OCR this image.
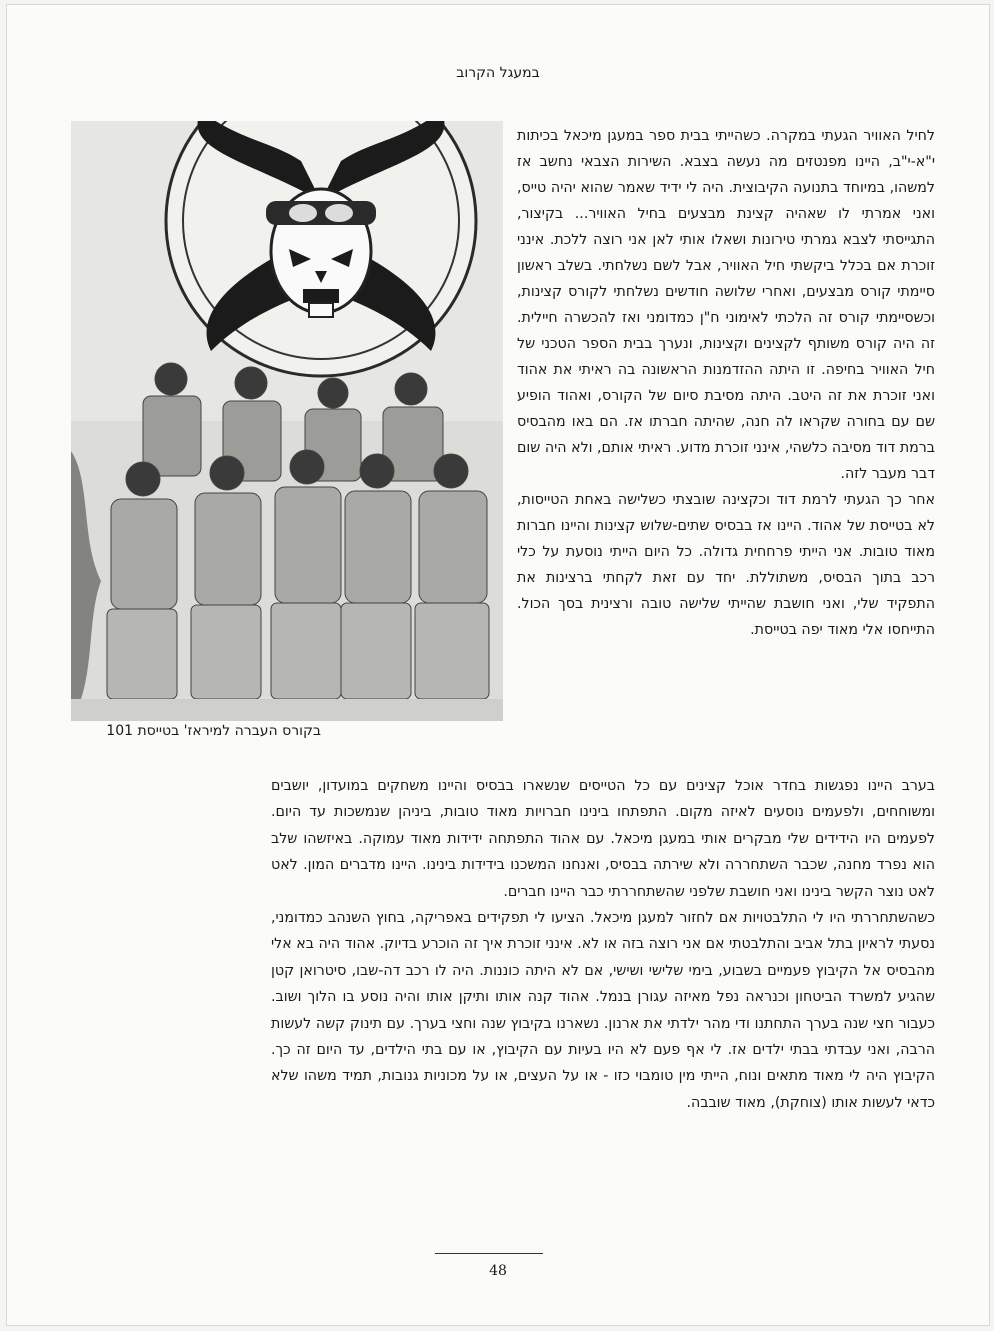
במעגל הקרוב
בקורס העברה למיראז' בטייסת 101

לחיל האוויר הגעתי במקרה. כשהייתי בבית ספר במעגן מיכאל בכיתות י"א-י"ב, היינו מפנטזים מה נעשה בצבא. השירות הצבאי נחשב אז למשהו, במיוחד בתנועה הקיבוצית. היה לי ידיד שאמר שהוא יהיה טייס, ואני אמרתי לו שאהיה קצינת מבצעים בחיל האוויר... בקיצור, התגייסתי לצבא גמרתי טירונות ושאלו אותי לאן אני רוצה ללכת. אינני זוכרת אם בכלל ביקשתי חיל האוויר, אבל לשם נשלחתי. בשלב ראשון סיימתי קורס מבצעים, ואחרי שלושה חודשים נשלחתי לקורס קצינות, וכשסיימתי קורס זה הלכתי לאימוני ח"ן כמדומני ואז להכשרה חיילית. זה היה קורס משותף לקצינים וקצינות, ונערך בבית הספר הטכני של חיל האוויר בחיפה. זו היתה ההזדמנות הראשונה בה ראיתי את אהוד ואני זוכרת את זה היטב. היתה מסיבת סיום של הקורס, ואהוד הופיע שם עם בחורה שקראו לה חנה, שהיתה חברתו אז. הם באו מהבסיס ברמת דוד מסיבה כלשהי, אינני זוכרת מדוע. ראיתי אותם, ולא היה שום דבר מעבר לזה.

אחר כך הגעתי לרמת דוד וכקצינה שובצתי כשלישה באחת הטייסות, לא בטייסת של אהוד. היינו אז בבסיס שתים-שלוש קצינות והיינו חברות מאוד טובות. אני הייתי פרחחית גדולה. כל היום הייתי נוסעת על כלי רכב בתוך הבסיס, משתוללת. יחד עם זאת לקחתי ברצינות את התפקיד שלי, ואני חושבת שהייתי שלישה טובה ורצינית בסך הכול. התייחסו אלי מאוד יפה בטייסת.

בערב היינו נפגשות בחדר אוכל קצינים עם כל הטייסים שנשארו בבסיס והיינו משחקים במועדון, יושבים ומשוחחים, ולפעמים נוסעים לאיזה מקום. התפתחו בינינו חברויות מאוד טובות, ביניהן שנמשכות עד היום. לפעמים היו הידידים שלי מבקרים אותי במעגן מיכאל. עם אהוד התפתחה ידידות מאוד עמוקה. באיזשהו שלב הוא נפרד מחנה, שכבר השתחררה ולא שירתה בבסיס, ואנחנו המשכנו בידידות בינינו. היינו מדברים המון. לאט לאט נוצר הקשר בינינו ואני חושבת שלפני שהשתחררתי כבר היינו חברים.

כשהשתחררתי היו לי התלבטויות אם לחזור למעגן מיכאל. הציעו לי תפקידים באפריקה, בחוץ השנהב כמדומני, נסעתי לראיון בתל אביב והתלבטתי אם אני רוצה בזה או לא. אינני זוכרת איך זה הוכרע בדיוק. אהוד היה בא אלי מהבסיס אל הקיבוץ פעמיים בשבוע, בימי שלישי ושישי, אם לא היתה כוננות. היה לו רכב דה-שבו, סיטרואן קטן שהגיע למשרד הביטחון וכנראה נפל מאיזה עגורן בנמל. אהוד קנה אותו ותיקן אותו והיה נוסע בו הלוך ושוב. כעבור חצי שנה בערך התחתנו ודי מהר ילדתי את ארנון. נשארנו בקיבוץ שנה וחצי בערך. עם תינוק קשה לעשות הרבה, ואני עבדתי בבתי ילדים אז. לי אף פעם לא היו בעיות עם הקיבוץ, או עם בתי הילדים, עד היום זה כך. הקיבוץ היה לי מאוד מתאים ונוח, הייתי מין טומבוי כזו - או על העצים, או על מכוניות גנובות, תמיד משהו שלא כדאי לעשות אותו (צוחקת), מאוד שובבה.

48
